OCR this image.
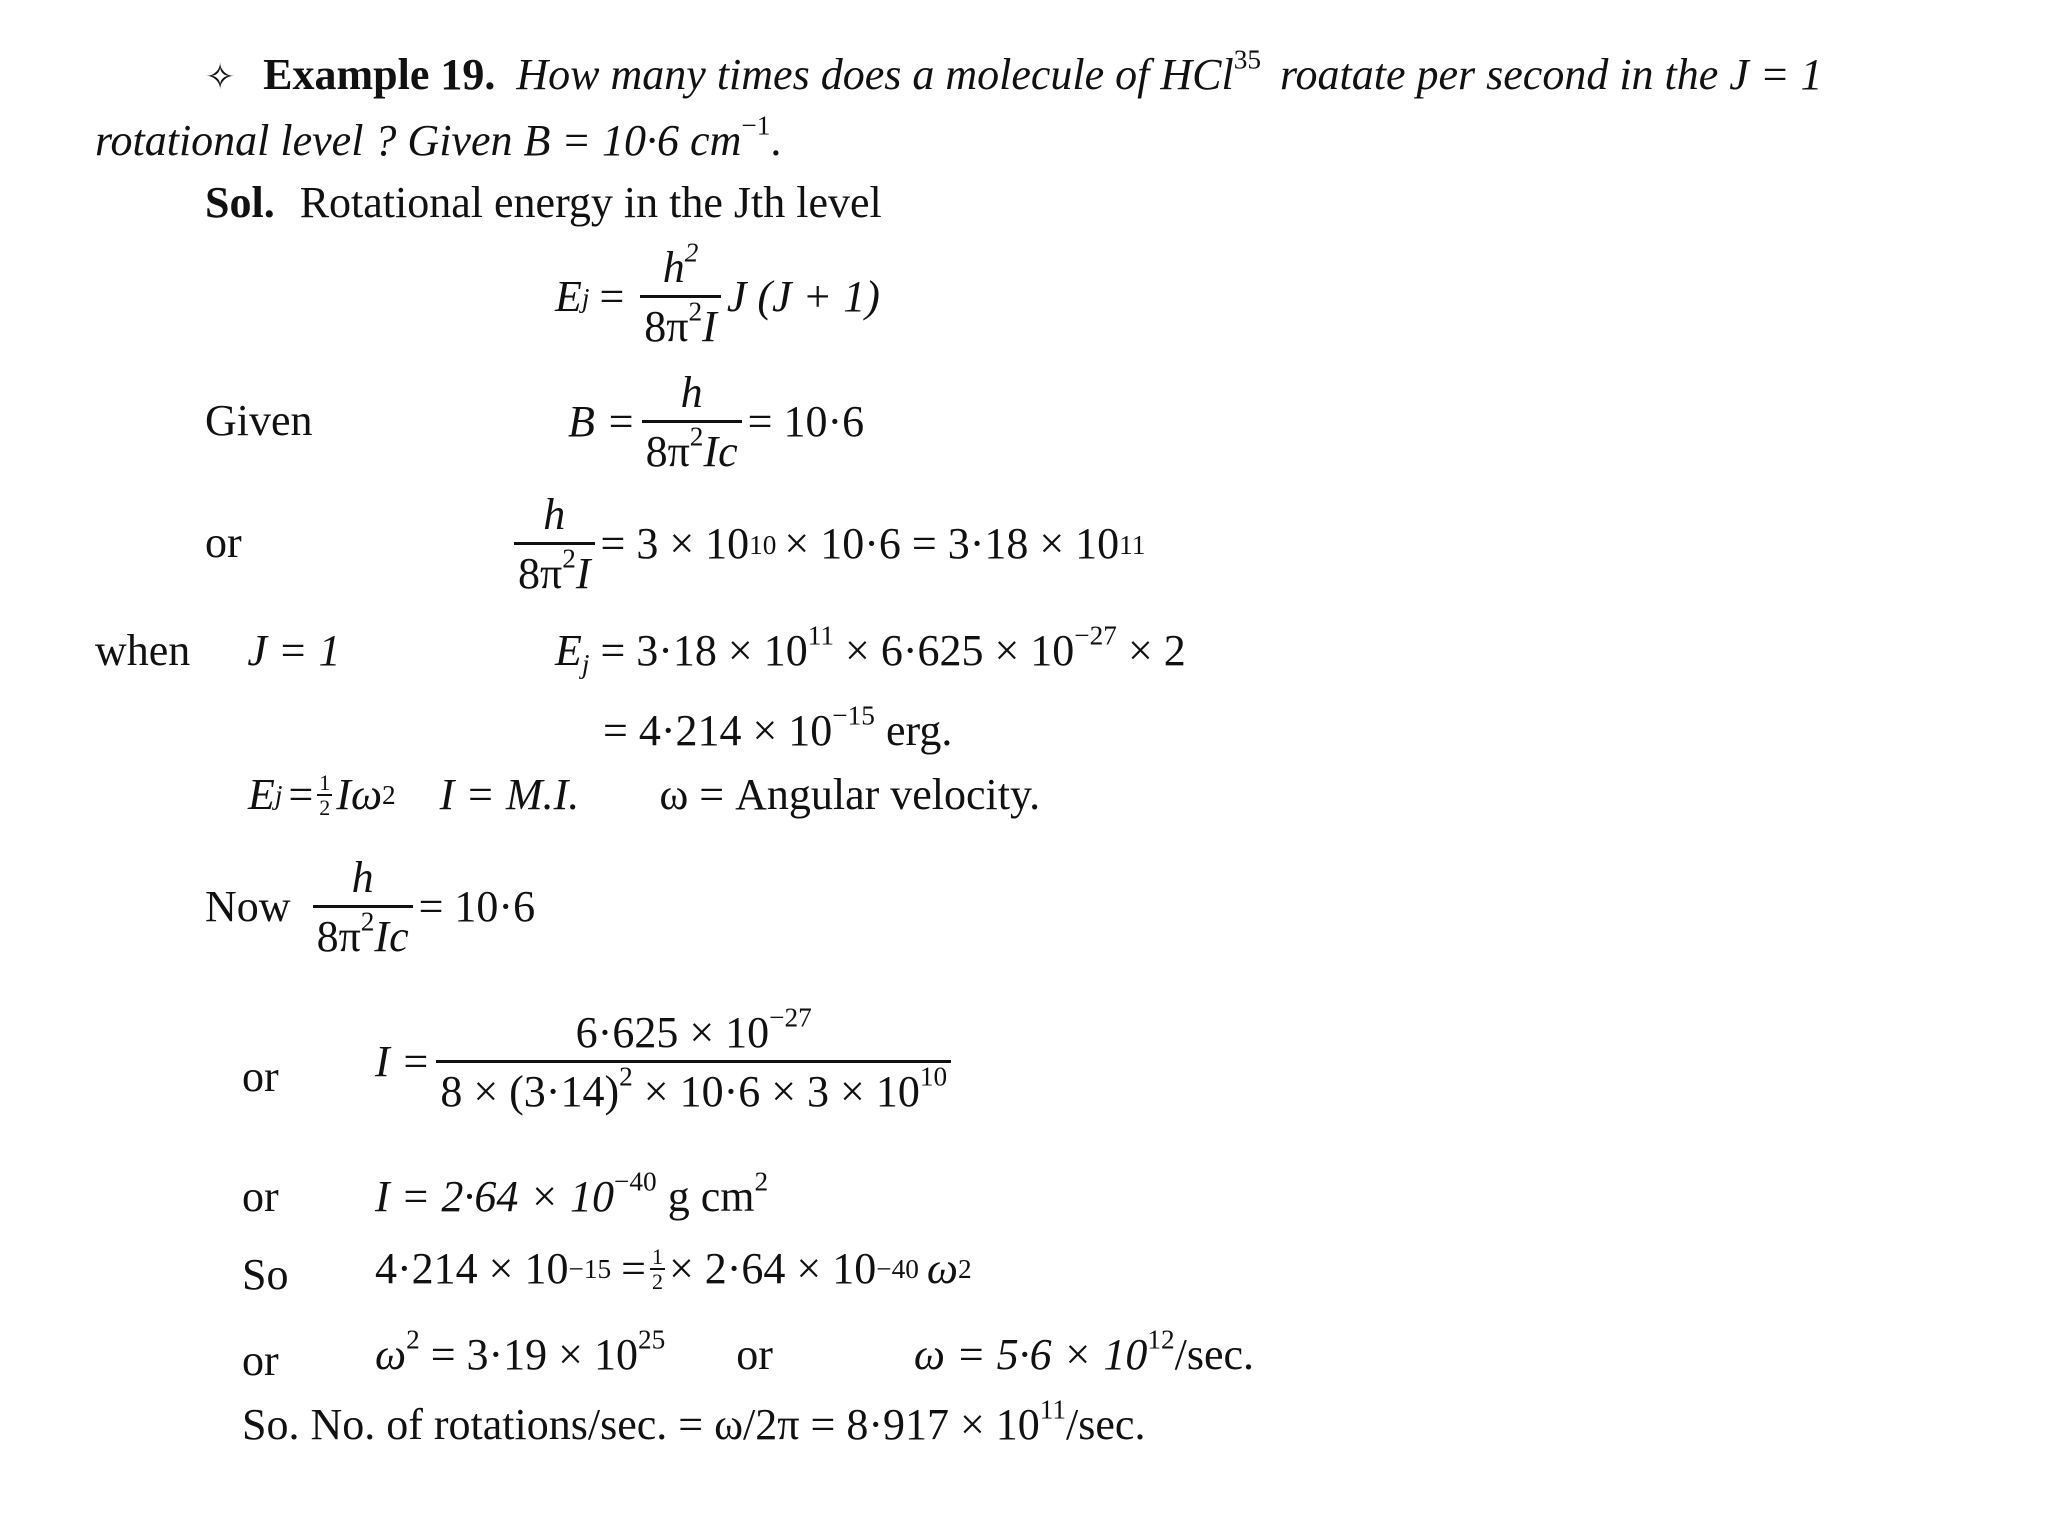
✧ Example 19. How many times does a molecule of HCl$^{35}$ roatate per second in the J = 1
rotational level ? Given B = 10·6 $cm^{-1}$.
Sol. Rotational energy in the Jth level
E $j = \frac{h^2}{8\pi^2I}$ J (J + 1)
Given	$B = \frac{h}{8\pi^2Ic} = 10\cdot 6$
or	$\frac{h}{8\pi^2I} = 3 \times 10$ 10 × 10·6 = 3·18 × 10 11
when J = 1	$E_j = 3\cdot 18 \times 10^{11} \times 6\cdot 625 \times 10^{-27} \times 2$
= $4\cdot 214 \times 10^{-15}$ erg.
E $j = \frac{1}{2}$ Iω 2 I = M.I. ω = Angular velocity.
Now $\frac{h}{8\pi^2Ic} = 10\cdot 6$
or $I = \frac{6\cdot 625 \times 10^{-27}}{8 \times (3\cdot 14)^2 \times 10\cdot 6 \times 3 \times 10^{10}}$
or $I = 2\cdot 64 \times 10^{-40}$ g $cm^2$
So $4\cdot 214 \times 10 -15 = \frac{1}{2} \times 2\cdot 64 \times 10 -40$ ω 2
or $\omega^2 = 3\cdot 19 \times 10^{25}$ or	$\omega = 5\cdot 6 \times 10^{12}/\sec$.
So. No. of rotations/sec. = $\omega/2\pi = 8\cdot 917 \times 10^{11}/\sec$.
